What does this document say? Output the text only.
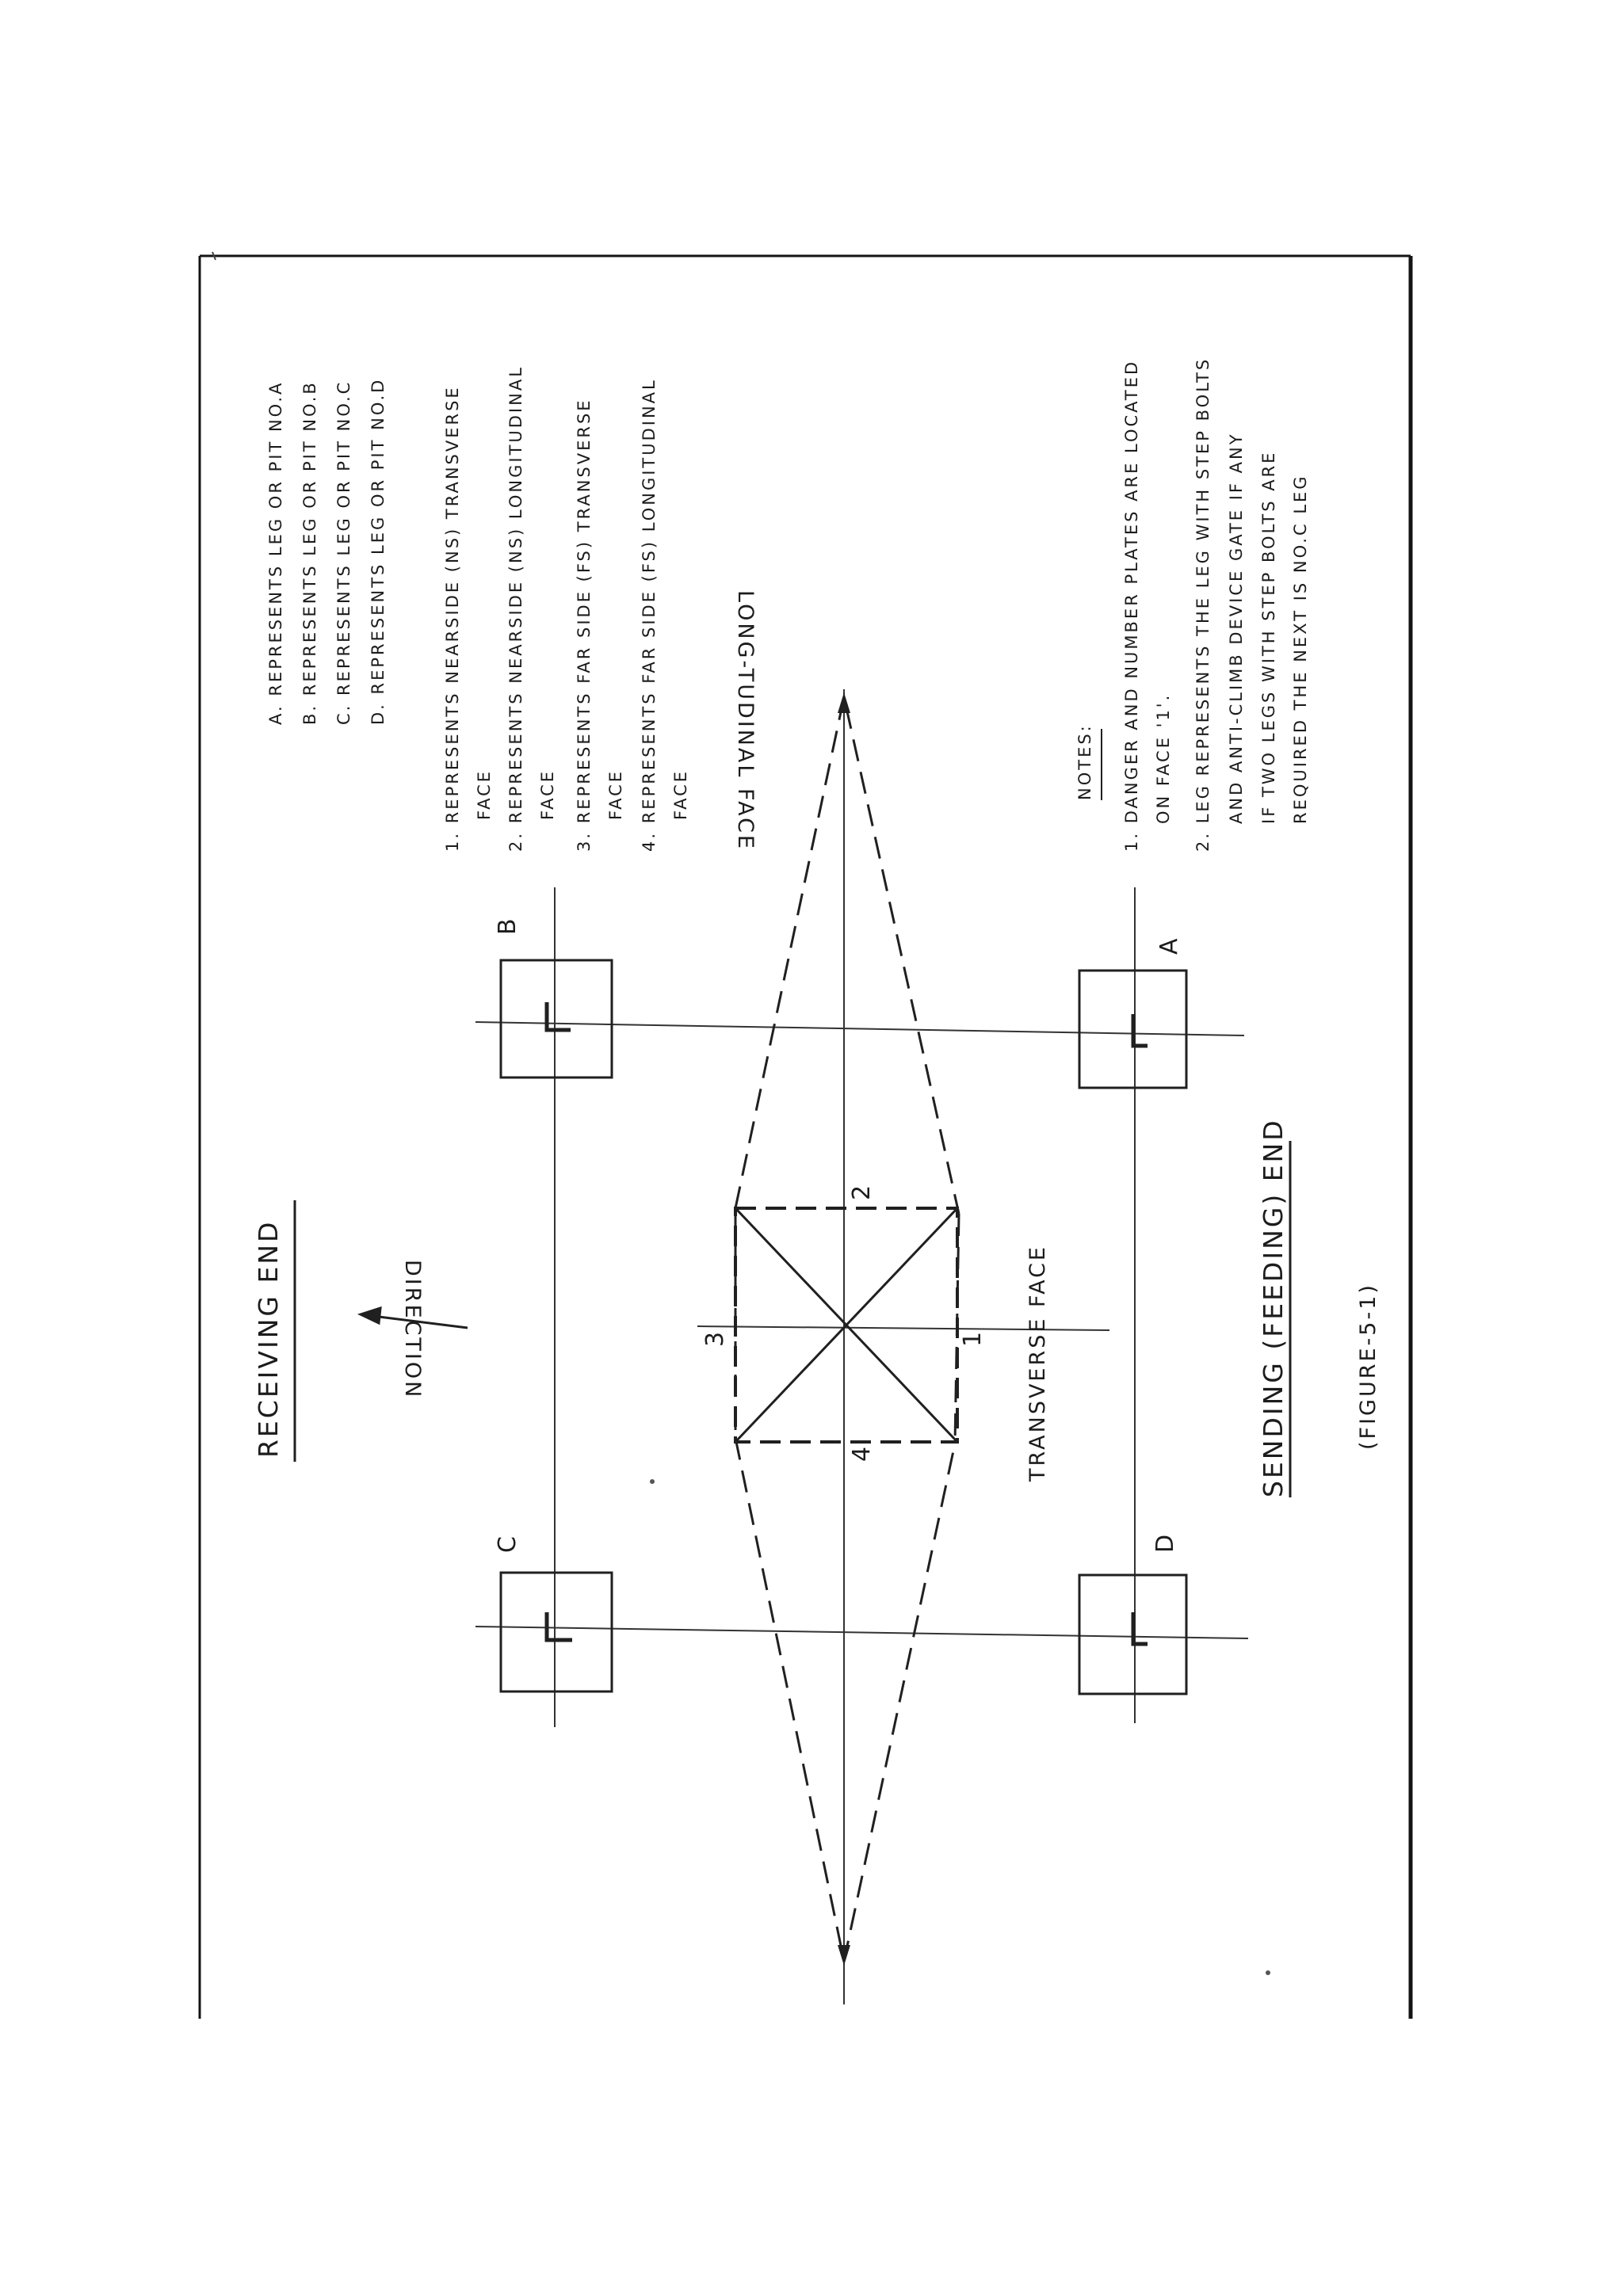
RECEIVING END	DIRECTION
LONG-TUDINAL FACE
TRANSVERSE FACE	SENDING (FEEDING) END	(FIGURE-5-1)
B
A
C	D
1
2
3
4
A. REPRESENTS LEG OR PIT NO.A B. REPRESENTS LEG OR PIT NO.B C. REPRESENTS LEG OR PIT NO.C D. REPRESENTS LEG OR PIT NO.D	1. REPRESENTS NEARSIDE (NS) TRANSVERSE FACE 2. REPRESENTS NEARSIDE (NS) LONGITUDINAL FACE 3. REPRESENTS FAR SIDE (FS) TRANSVERSE FACE 4. REPRESENTS FAR SIDE (FS) LONGITUDINAL FACE	NOTES: 1. DANGER AND NUMBER PLATES ARE LOCATED ON FACE '1'. 2. LEG REPRESENTS THE LEG WITH STEP BOLTS AND ANTI-CLIMB DEVICE GATE IF ANY IF TWO LEGS WITH STEP BOLTS ARE REQUIRED THE NEXT IS NO.C LEG
